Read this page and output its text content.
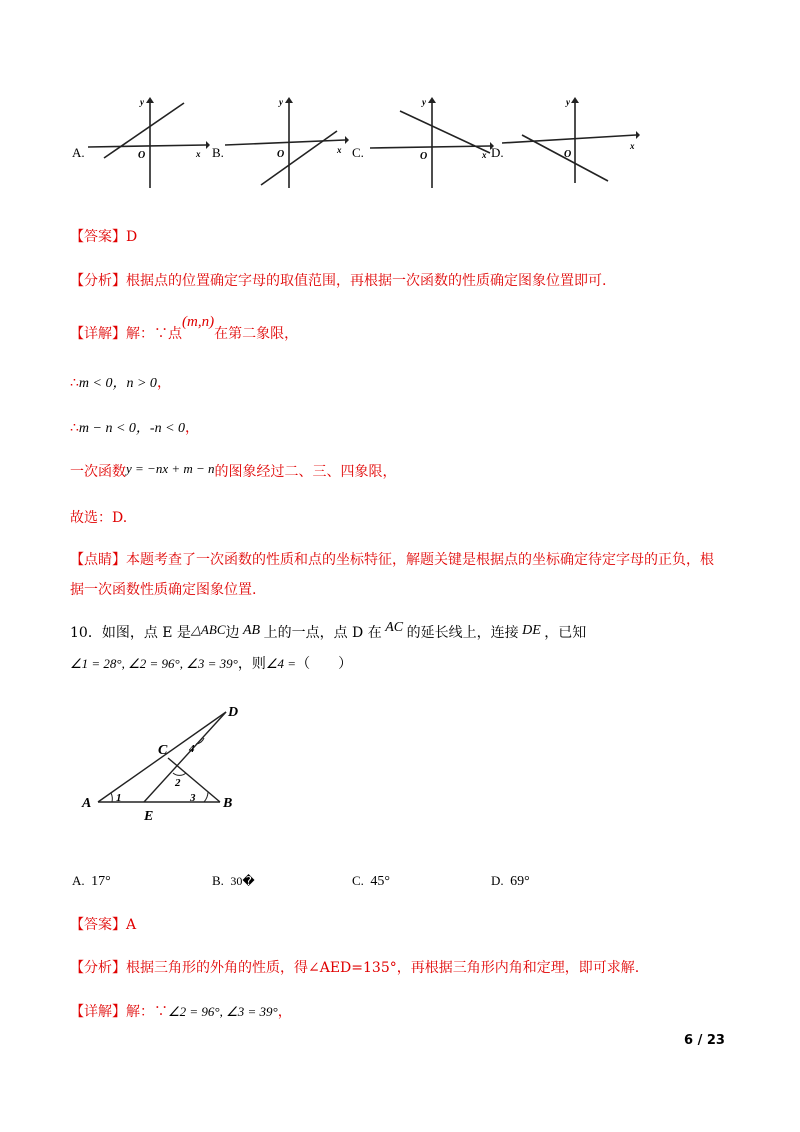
A.
y
x
O	B.
y
x
O	C.
y
x
O	D.
y
x
O
【答案】D
【分析】根据点的位置确定字母的取值范围，再根据一次函数的性质确定图象位置即可.
【详解】解：∵点(m,n)在第二象限，
∴m < 0，n > 0，
∴m − n < 0，-n < 0，
一次函数y = −nx + m − n的图象经过二、三、四象限，
故选：D.
【点睛】本题考查了一次函数的性质和点的坐标特征，解题关键是根据点的坐标确定待定字母的正负，根
据一次函数性质确定图象位置.
10．如图，点 E 是△ABC边 AB 上的一点，点 D 在 AC 的延长线上，连接 DE ，已知
∠1 = 28°, ∠2 = 96°, ∠3 = 39°，则∠4 =（　　）
A	B
C
D
E
1
2
3
4
A. 17°	B. 30�	C. 45°	D. 69°
【答案】A
【分析】根据三角形的外角的性质，得∠AED=135°，再根据三角形内角和定理，即可求解.
【详解】解：∵∠2 = 96°, ∠3 = 39°，
6 / 23
